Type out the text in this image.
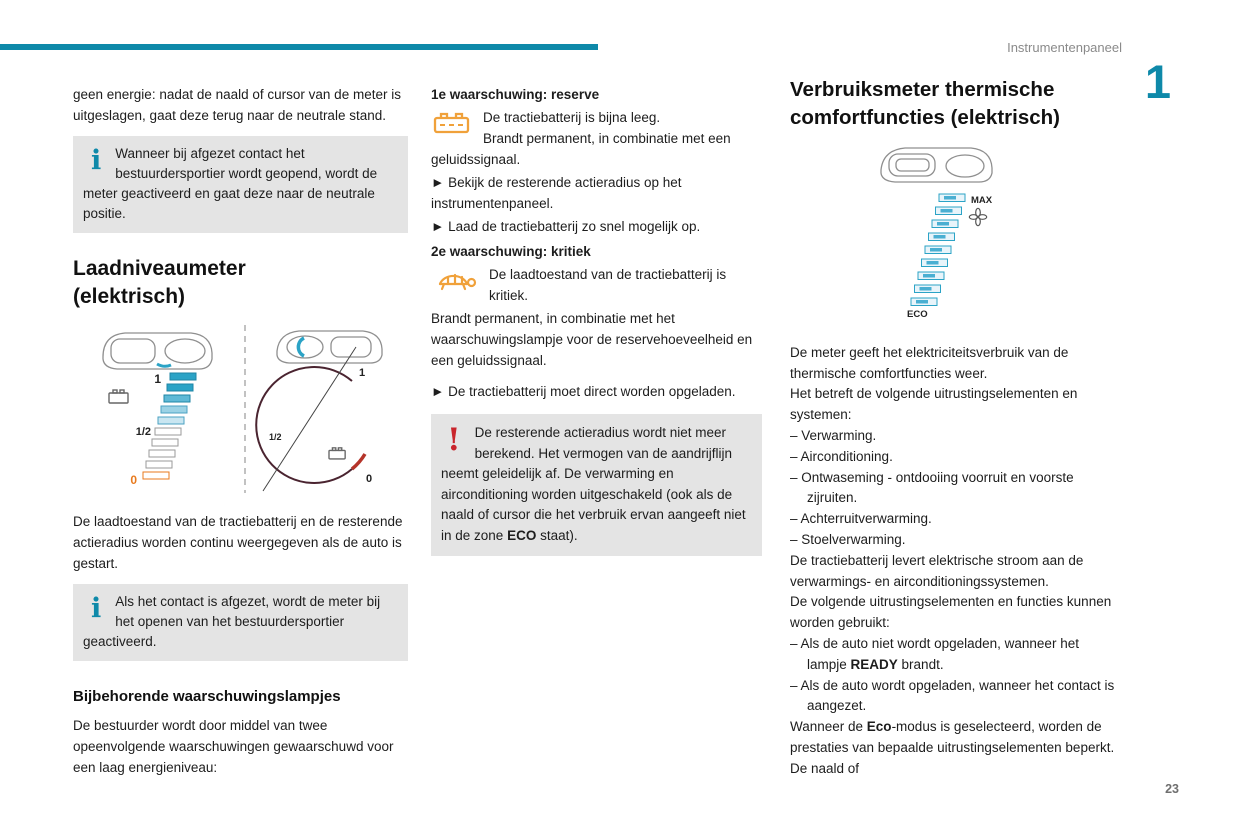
Instrumentenpaneel
1

geen energie: nadat de naald of cursor van de meter is uitgeslagen, gaat deze terug naar de neutrale stand.

i	Wanneer bij afgezet contact het bestuurdersportier wordt geopend, wordt de meter geactiveerd en gaat deze naar de neutrale positie.

Laadniveaumeter
(elektrisch)
1
1/2
0
1
1/2
0

De laadtoestand van de tractiebatterij en de resterende actieradius worden continu weergegeven als de auto is gestart.

i	Als het contact is afgezet, wordt de meter bij het openen van het bestuurdersportier geactiveerd.

Bijbehorende waarschuwingslampjes

De bestuurder wordt door middel van twee opeenvolgende waarschuwingen gewaarschuwd voor een laag energieniveau:

1e waarschuwing: reserve

De tractiebatterij is bijna leeg.

Brandt permanent, in combinatie met een geluidssignaal.

► Bekijk de resterende actieradius op het instrumentenpaneel.

► Laad de tractiebatterij zo snel mogelijk op.

2e waarschuwing: kritiek

De laadtoestand van de tractiebatterij is kritiek.

Brandt permanent, in combinatie met het waarschuwingslampje voor de reservehoeveelheid en een geluidssignaal.

► De tractiebatterij moet direct worden opgeladen.

!	De resterende actieradius wordt niet meer berekend. Het vermogen van de aandrijflijn neemt geleidelijk af. De verwarming en airconditioning worden uitgeschakeld (ook als de naald of cursor die het verbruik ervan aangeeft niet in de zone ECO staat).

Verbruiksmeter thermische
comfortfuncties (elektrisch)
MAX
ECO

De meter geeft het elektriciteitsverbruik van de thermische comfortfuncties weer.

Het betreft de volgende uitrustingselementen en systemen:

– Verwarming.

– Airconditioning.

– Ontwaseming - ontdooiing voorruit en voorste zijruiten.

– Achterruitverwarming.

– Stoelverwarming.

De tractiebatterij levert elektrische stroom aan de verwarmings- en airconditioningssystemen.

De volgende uitrustingselementen en functies kunnen worden gebruikt:

– Als de auto niet wordt opgeladen, wanneer het lampje READY brandt.

– Als de auto wordt opgeladen, wanneer het contact is aangezet.

Wanneer de Eco-modus is geselecteerd, worden de prestaties van bepaalde uitrustingselementen beperkt. De naald of

23
